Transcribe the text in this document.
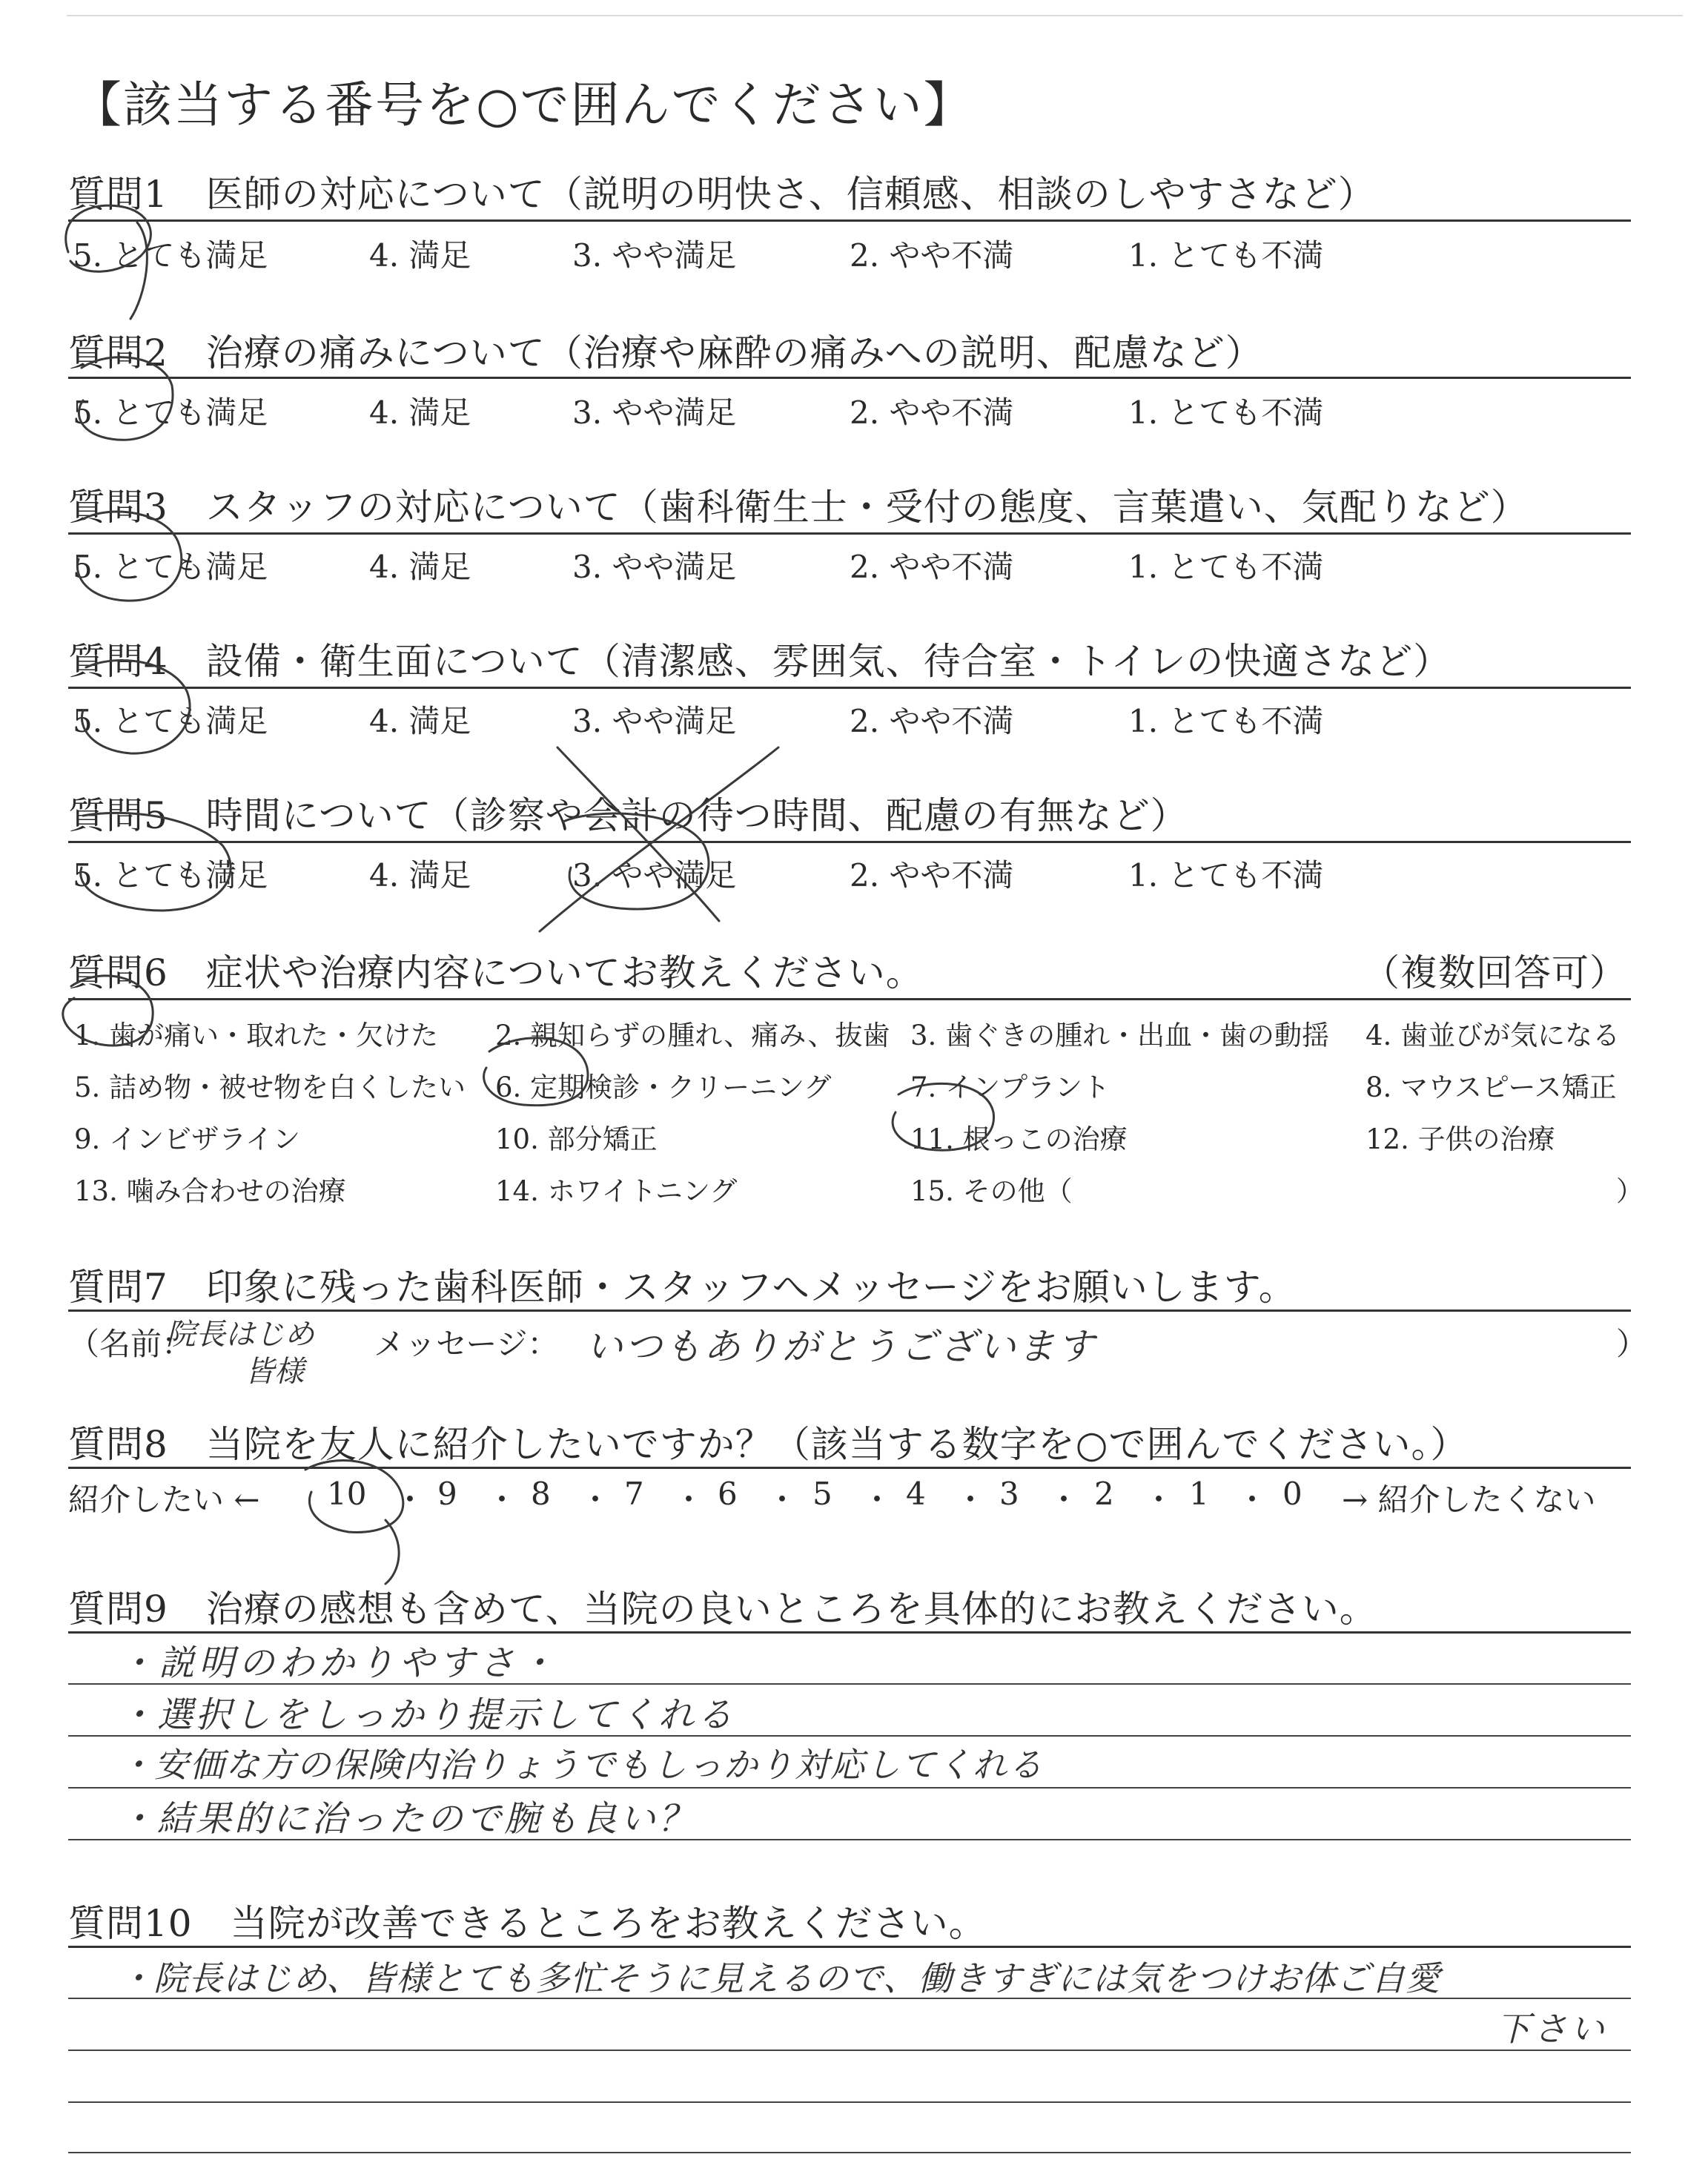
【該当する番号を○で囲んでください】
質問1　医師の対応について（説明の明快さ、信頼感、相談のしやすさなど）
5. とても満足	4. 満足	3. やや満足	2. やや不満	1. とても不満
質問2　治療の痛みについて（治療や麻酔の痛みへの説明、配慮など）
5. とても満足	4. 満足	3. やや満足	2. やや不満	1. とても不満
質問3　スタッフの対応について（歯科衛生士・受付の態度、言葉遣い、気配りなど）
5. とても満足	4. 満足	3. やや満足	2. やや不満	1. とても不満
質問4　設備・衛生面について（清潔感、雰囲気、待合室・トイレの快適さなど）
5. とても満足	4. 満足	3. やや満足	2. やや不満	1. とても不満
質問5　時間について（診察や会計の待つ時間、配慮の有無など）
5. とても満足	4. 満足	3. やや満足	2. やや不満	1. とても不満
質問6　症状や治療内容についてお教えください。	（複数回答可）
1. 歯が痛い・取れた・欠けた 2. 親知らずの腫れ、痛み、抜歯 3. 歯ぐきの腫れ・出血・歯の動揺 4. 歯並びが気になる
5. 詰め物・被せ物を白くしたい 6. 定期検診・クリーニング	7. インプラント	8. マウスピース矯正
9. インビザライン	10. 部分矯正	11. 根っこの治療	12. 子供の治療
13. 噛み合わせの治療	14. ホワイトニング	15. その他（	）
質問7　印象に残った歯科医師・スタッフへメッセージをお願いします。
（名前：
院長はじめ
皆様
メッセージ： いつもありがとうございます	）
質問8　当院を友人に紹介したいですか？（該当する数字を○で囲んでください。）
紹介したい ← 10 ・ 9 ・ 8 ・ 7 ・ 6 ・ 5 ・ 4 ・ 3 ・ 2 ・ 1 ・ 0 → 紹介したくない
質問9　治療の感想も含めて、当院の良いところを具体的にお教えください。
・説明のわかりやすさ・
・選択しをしっかり提示してくれる
・安価な方の保険内治りょうでもしっかり対応してくれる
・結果的に治ったので腕も良い？
質問10　当院が改善できるところをお教えください。
・院長はじめ、皆様とても多忙そうに見えるので、働きすぎには気をつけお体ご自愛
下さい
